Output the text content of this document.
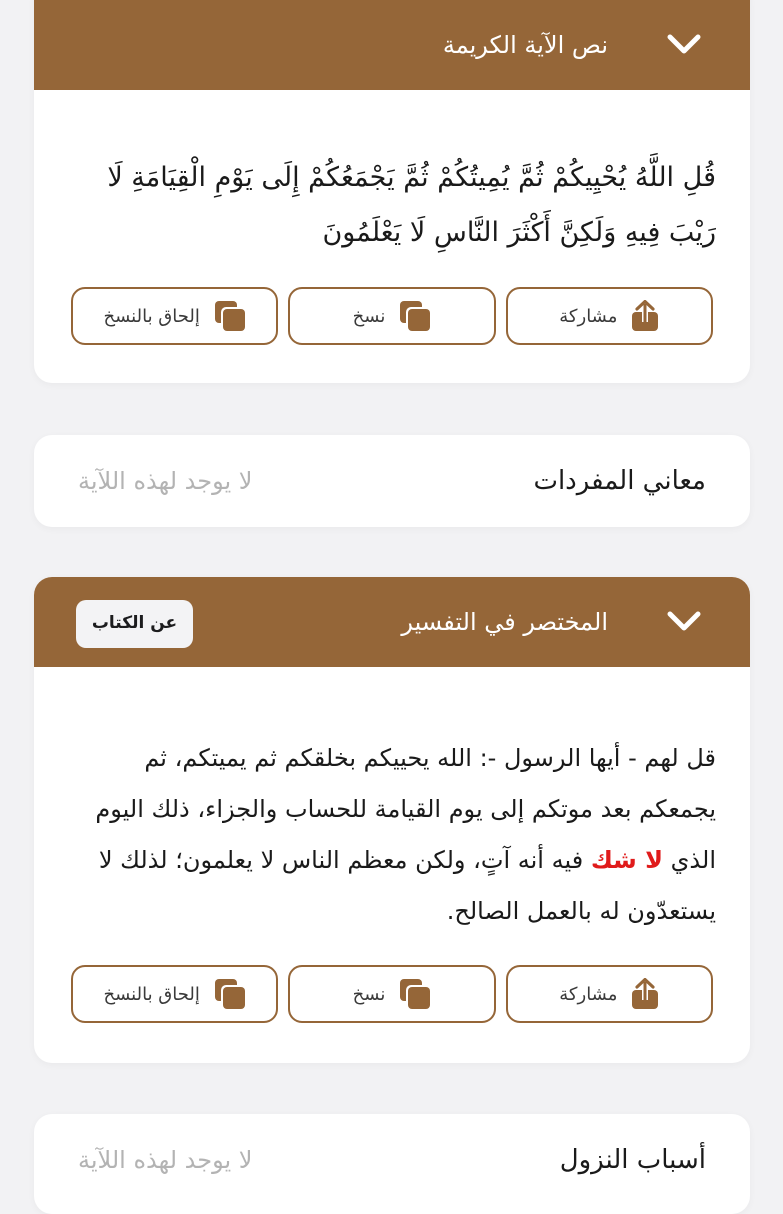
نص الآية الكريمة
قُلِ اللَّهُ يُحْيِيكُمْ ثُمَّ يُمِيتُكُمْ ثُمَّ يَجْمَعُكُمْ إِلَى يَوْمِ الْقِيَامَةِ لَا رَيْبَ فِيهِ وَلَكِنَّ أَكْثَرَ النَّاسِ لَا يَعْلَمُونَ
مشاركة
نسخ
إلحاق بالنسخ
معاني المفردات
لا يوجد لهذه اللآية
المختصر في التفسير
عن الكتاب
قل لهم - أيها الرسول -: الله يحييكم بخلقكم ثم يميتكم، ثم يجمعكم بعد موتكم إلى يوم القيامة للحساب والجزاء، ذلك اليوم الذي لا شك فيه أنه آتٍ، ولكن معظم الناس لا يعلمون؛ لذلك لا يستعدّون له بالعمل الصالح.
مشاركة
نسخ
إلحاق بالنسخ
أسباب النزول
لا يوجد لهذه اللآية
